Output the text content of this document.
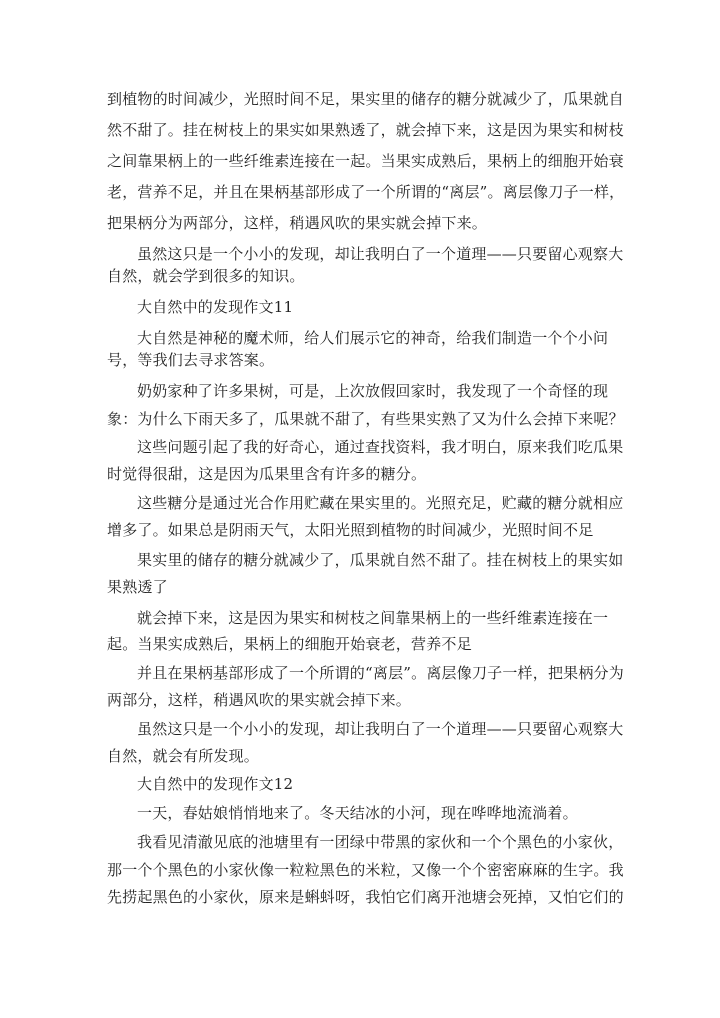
到植物的时间减少，光照时间不足，果实里的储存的糖分就减少了，瓜果就自
然不甜了。挂在树枝上的果实如果熟透了，就会掉下来，这是因为果实和树枝
之间靠果柄上的一些纤维素连接在一起。当果实成熟后，果柄上的细胞开始衰
老，营养不足，并且在果柄基部形成了一个所谓的“离层”。离层像刀子一样，
把果柄分为两部分，这样，稍遇风吹的果实就会掉下来。
虽然这只是一个小小的发现，却让我明白了一个道理——只要留心观察大
自然，就会学到很多的知识。
大自然中的发现作文11
大自然是神秘的魔术师，给人们展示它的神奇，给我们制造一个个小问
号，等我们去寻求答案。
奶奶家种了许多果树，可是，上次放假回家时，我发现了一个奇怪的现
象：为什么下雨天多了，瓜果就不甜了，有些果实熟了又为什么会掉下来呢？
这些问题引起了我的好奇心，通过查找资料，我才明白，原来我们吃瓜果
时觉得很甜，这是因为瓜果里含有许多的糖分。
这些糖分是通过光合作用贮藏在果实里的。光照充足，贮藏的糖分就相应
增多了。如果总是阴雨天气，太阳光照到植物的时间减少，光照时间不足
果实里的储存的糖分就减少了，瓜果就自然不甜了。挂在树枝上的果实如
果熟透了
就会掉下来，这是因为果实和树枝之间靠果柄上的一些纤维素连接在一
起。当果实成熟后，果柄上的细胞开始衰老，营养不足
并且在果柄基部形成了一个所谓的“离层”。离层像刀子一样，把果柄分为
两部分，这样，稍遇风吹的果实就会掉下来。
虽然这只是一个小小的发现，却让我明白了一个道理——只要留心观察大
自然，就会有所发现。
大自然中的发现作文12
一天，春姑娘悄悄地来了。冬天结冰的小河，现在哗哗地流淌着。
我看见清澈见底的池塘里有一团绿中带黑的家伙和一个个黑色的小家伙，
那一个个黑色的小家伙像一粒粒黑色的米粒，又像一个个密密麻麻的生字。我
先捞起黑色的小家伙，原来是蝌蚪呀，我怕它们离开池塘会死掉，又怕它们的
